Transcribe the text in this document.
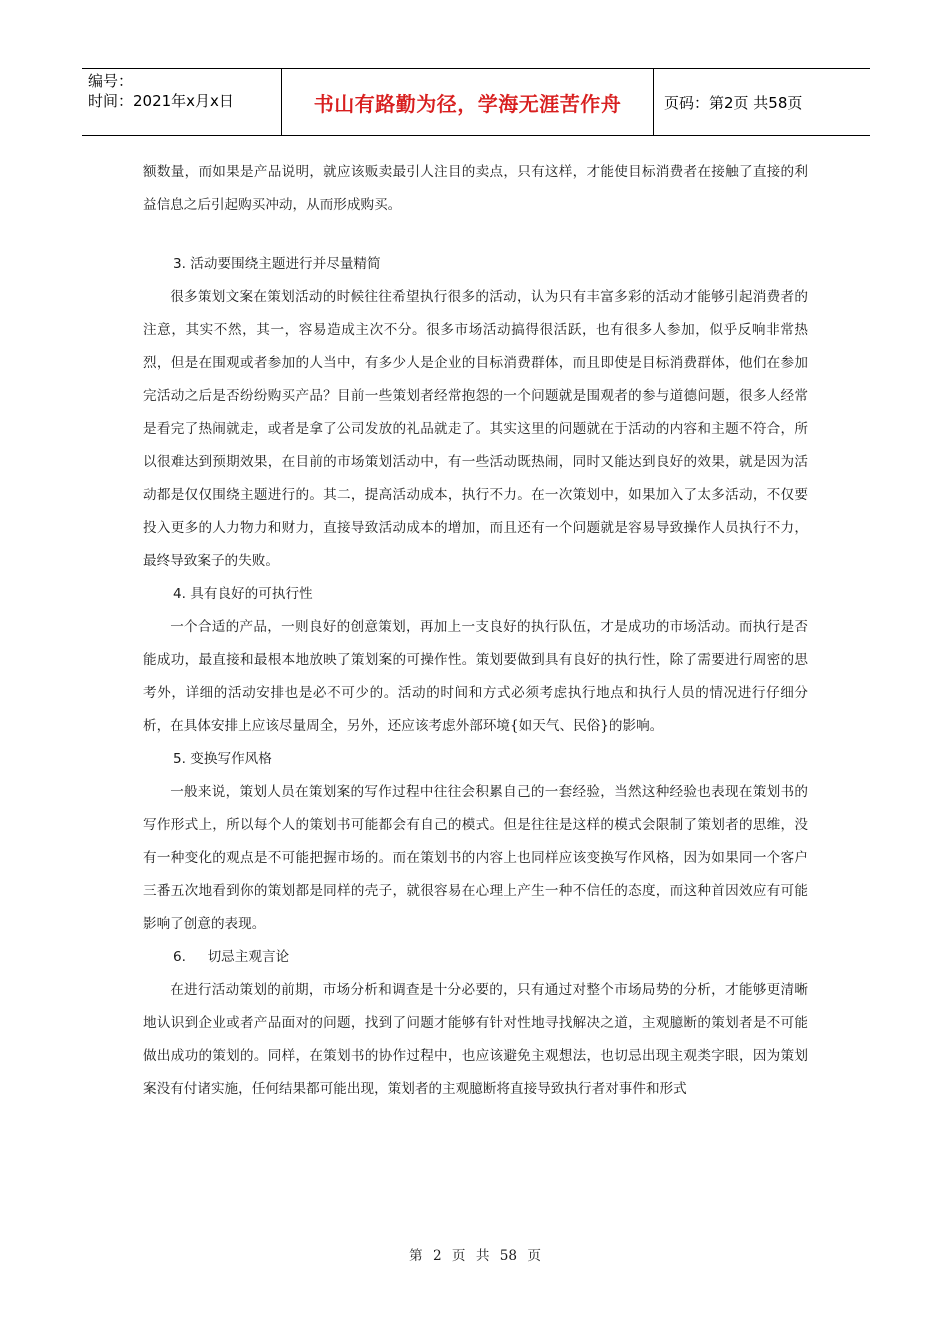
编号：
时间：2021年x月x日	书山有路勤为径，学海无涯苦作舟	页码：第2页 共58页

额数量，而如果是产品说明，就应该贩卖最引人注目的卖点，只有这样，才能使目标消费者在接触了直接的利益信息之后引起购买冲动，从而形成购买。

3. 活动要围绕主题进行并尽量精简

很多策划文案在策划活动的时候往往希望执行很多的活动，认为只有丰富多彩的活动才能够引起消费者的注意，其实不然，其一，容易造成主次不分。很多市场活动搞得很活跃，也有很多人参加，似乎反响非常热烈，但是在围观或者参加的人当中，有多少人是企业的目标消费群体，而且即使是目标消费群体，他们在参加完活动之后是否纷纷购买产品？目前一些策划者经常抱怨的一个问题就是围观者的参与道德问题，很多人经常是看完了热闹就走，或者是拿了公司发放的礼品就走了。其实这里的问题就在于活动的内容和主题不符合，所以很难达到预期效果，在目前的市场策划活动中，有一些活动既热闹，同时又能达到良好的效果，就是因为活动都是仅仅围绕主题进行的。其二，提高活动成本，执行不力。在一次策划中，如果加入了太多活动，不仅要投入更多的人力物力和财力，直接导致活动成本的增加，而且还有一个问题就是容易导致操作人员执行不力，最终导致案子的失败。

4. 具有良好的可执行性

一个合适的产品，一则良好的创意策划，再加上一支良好的执行队伍，才是成功的市场活动。而执行是否能成功，最直接和最根本地放映了策划案的可操作性。策划要做到具有良好的执行性，除了需要进行周密的思考外，详细的活动安排也是必不可少的。活动的时间和方式必须考虑执行地点和执行人员的情况进行仔细分析，在具体安排上应该尽量周全，另外，还应该考虑外部环境{如天气、民俗}的影响。

5. 变换写作风格

一般来说，策划人员在策划案的写作过程中往往会积累自己的一套经验，当然这种经验也表现在策划书的写作形式上，所以每个人的策划书可能都会有自己的模式。但是往往是这样的模式会限制了策划者的思维，没有一种变化的观点是不可能把握市场的。而在策划书的内容上也同样应该变换写作风格，因为如果同一个客户三番五次地看到你的策划都是同样的壳子，就很容易在心理上产生一种不信任的态度，而这种首因效应有可能影响了创意的表现。

6.     切忌主观言论

在进行活动策划的前期，市场分析和调查是十分必要的，只有通过对整个市场局势的分析，才能够更清晰地认识到企业或者产品面对的问题，找到了问题才能够有针对性地寻找解决之道，主观臆断的策划者是不可能做出成功的策划的。同样，在策划书的协作过程中，也应该避免主观想法，也切忌出现主观类字眼，因为策划案没有付诸实施，任何结果都可能出现，策划者的主观臆断将直接导致执行者对事件和形式

第 2 页 共 58 页
